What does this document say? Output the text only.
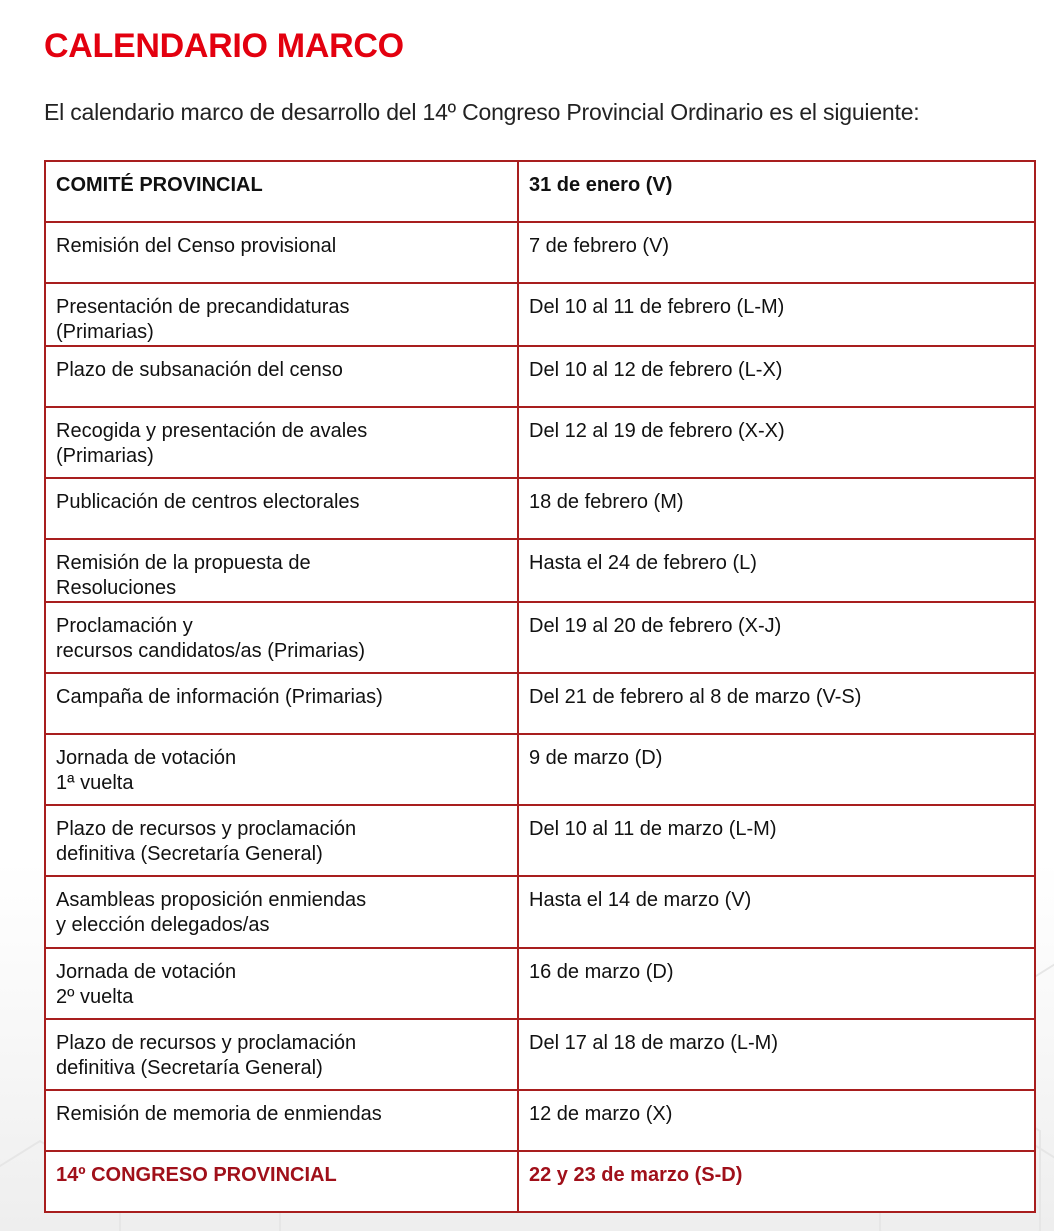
CALENDARIO MARCO

El calendario marco de desarrollo del 14º Congreso Provincial Ordinario es el siguiente:

COMITÉ PROVINCIAL	31 de enero (V)

Remisión del Censo provisional	7 de febrero (V)

Presentación de precandidaturas
(Primarias)	Del 10 al 11 de febrero (L-M)

Plazo de subsanación del censo	Del 10 al 12 de febrero (L-X)

Recogida y presentación de avales
(Primarias)	Del 12 al 19 de febrero (X-X)

Publicación de centros electorales	18 de febrero (M)

Remisión de la propuesta de
Resoluciones	Hasta el 24 de febrero (L)

Proclamación y
recursos candidatos/as (Primarias)	Del 19 al 20 de febrero (X-J)

Campaña de información (Primarias)	Del 21 de febrero al 8 de marzo (V-S)

Jornada de votación
1ª vuelta	9 de marzo (D)

Plazo de recursos y proclamación
definitiva (Secretaría General)	Del 10 al 11 de marzo (L-M)

Asambleas proposición enmiendas
y elección delegados/as	Hasta el 14 de marzo (V)

Jornada de votación
2º vuelta	16 de marzo (D)

Plazo de recursos y proclamación
definitiva (Secretaría General)	Del 17 al 18 de marzo (L-M)

Remisión de memoria de enmiendas	12 de marzo (X)

14º CONGRESO PROVINCIAL	22 y 23 de marzo (S-D)
